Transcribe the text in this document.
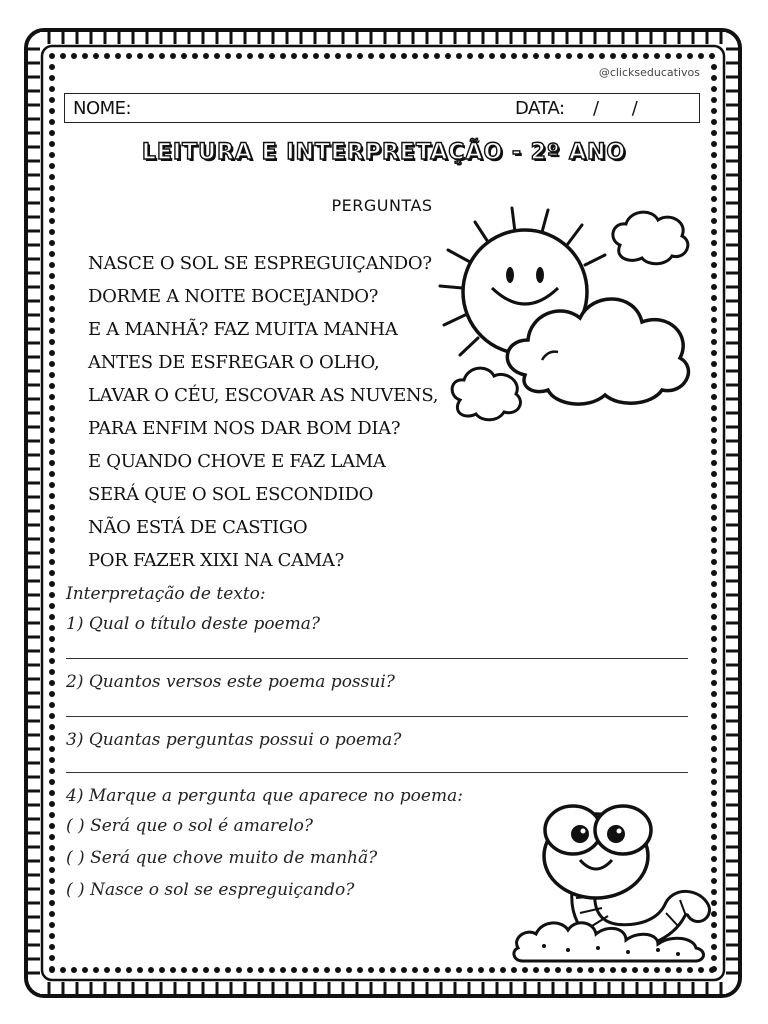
@clickseducativos
NOME:	DATA: / /
LEITURA E INTERPRETAÇÃO - 2º ANO
PERGUNTAS
NASCE O SOL SE ESPREGUIÇANDO?
DORME A NOITE BOCEJANDO?
E A MANHÃ? FAZ MUITA MANHA
ANTES DE ESFREGAR O OLHO,
LAVAR O CÉU, ESCOVAR AS NUVENS,
PARA ENFIM NOS DAR BOM DIA?
E QUANDO CHOVE E FAZ LAMA
SERÁ QUE O SOL ESCONDIDO
NÃO ESTÁ DE CASTIGO
POR FAZER XIXI NA CAMA?
Interpretação de texto:
1) Qual o título deste poema?
2) Quantos versos este poema possui?
3) Quantas perguntas possui o poema?
4) Marque a pergunta que aparece no poema:
( ) Será que o sol é amarelo?
( ) Será que chove muito de manhã?
( ) Nasce o sol se espreguiçando?
